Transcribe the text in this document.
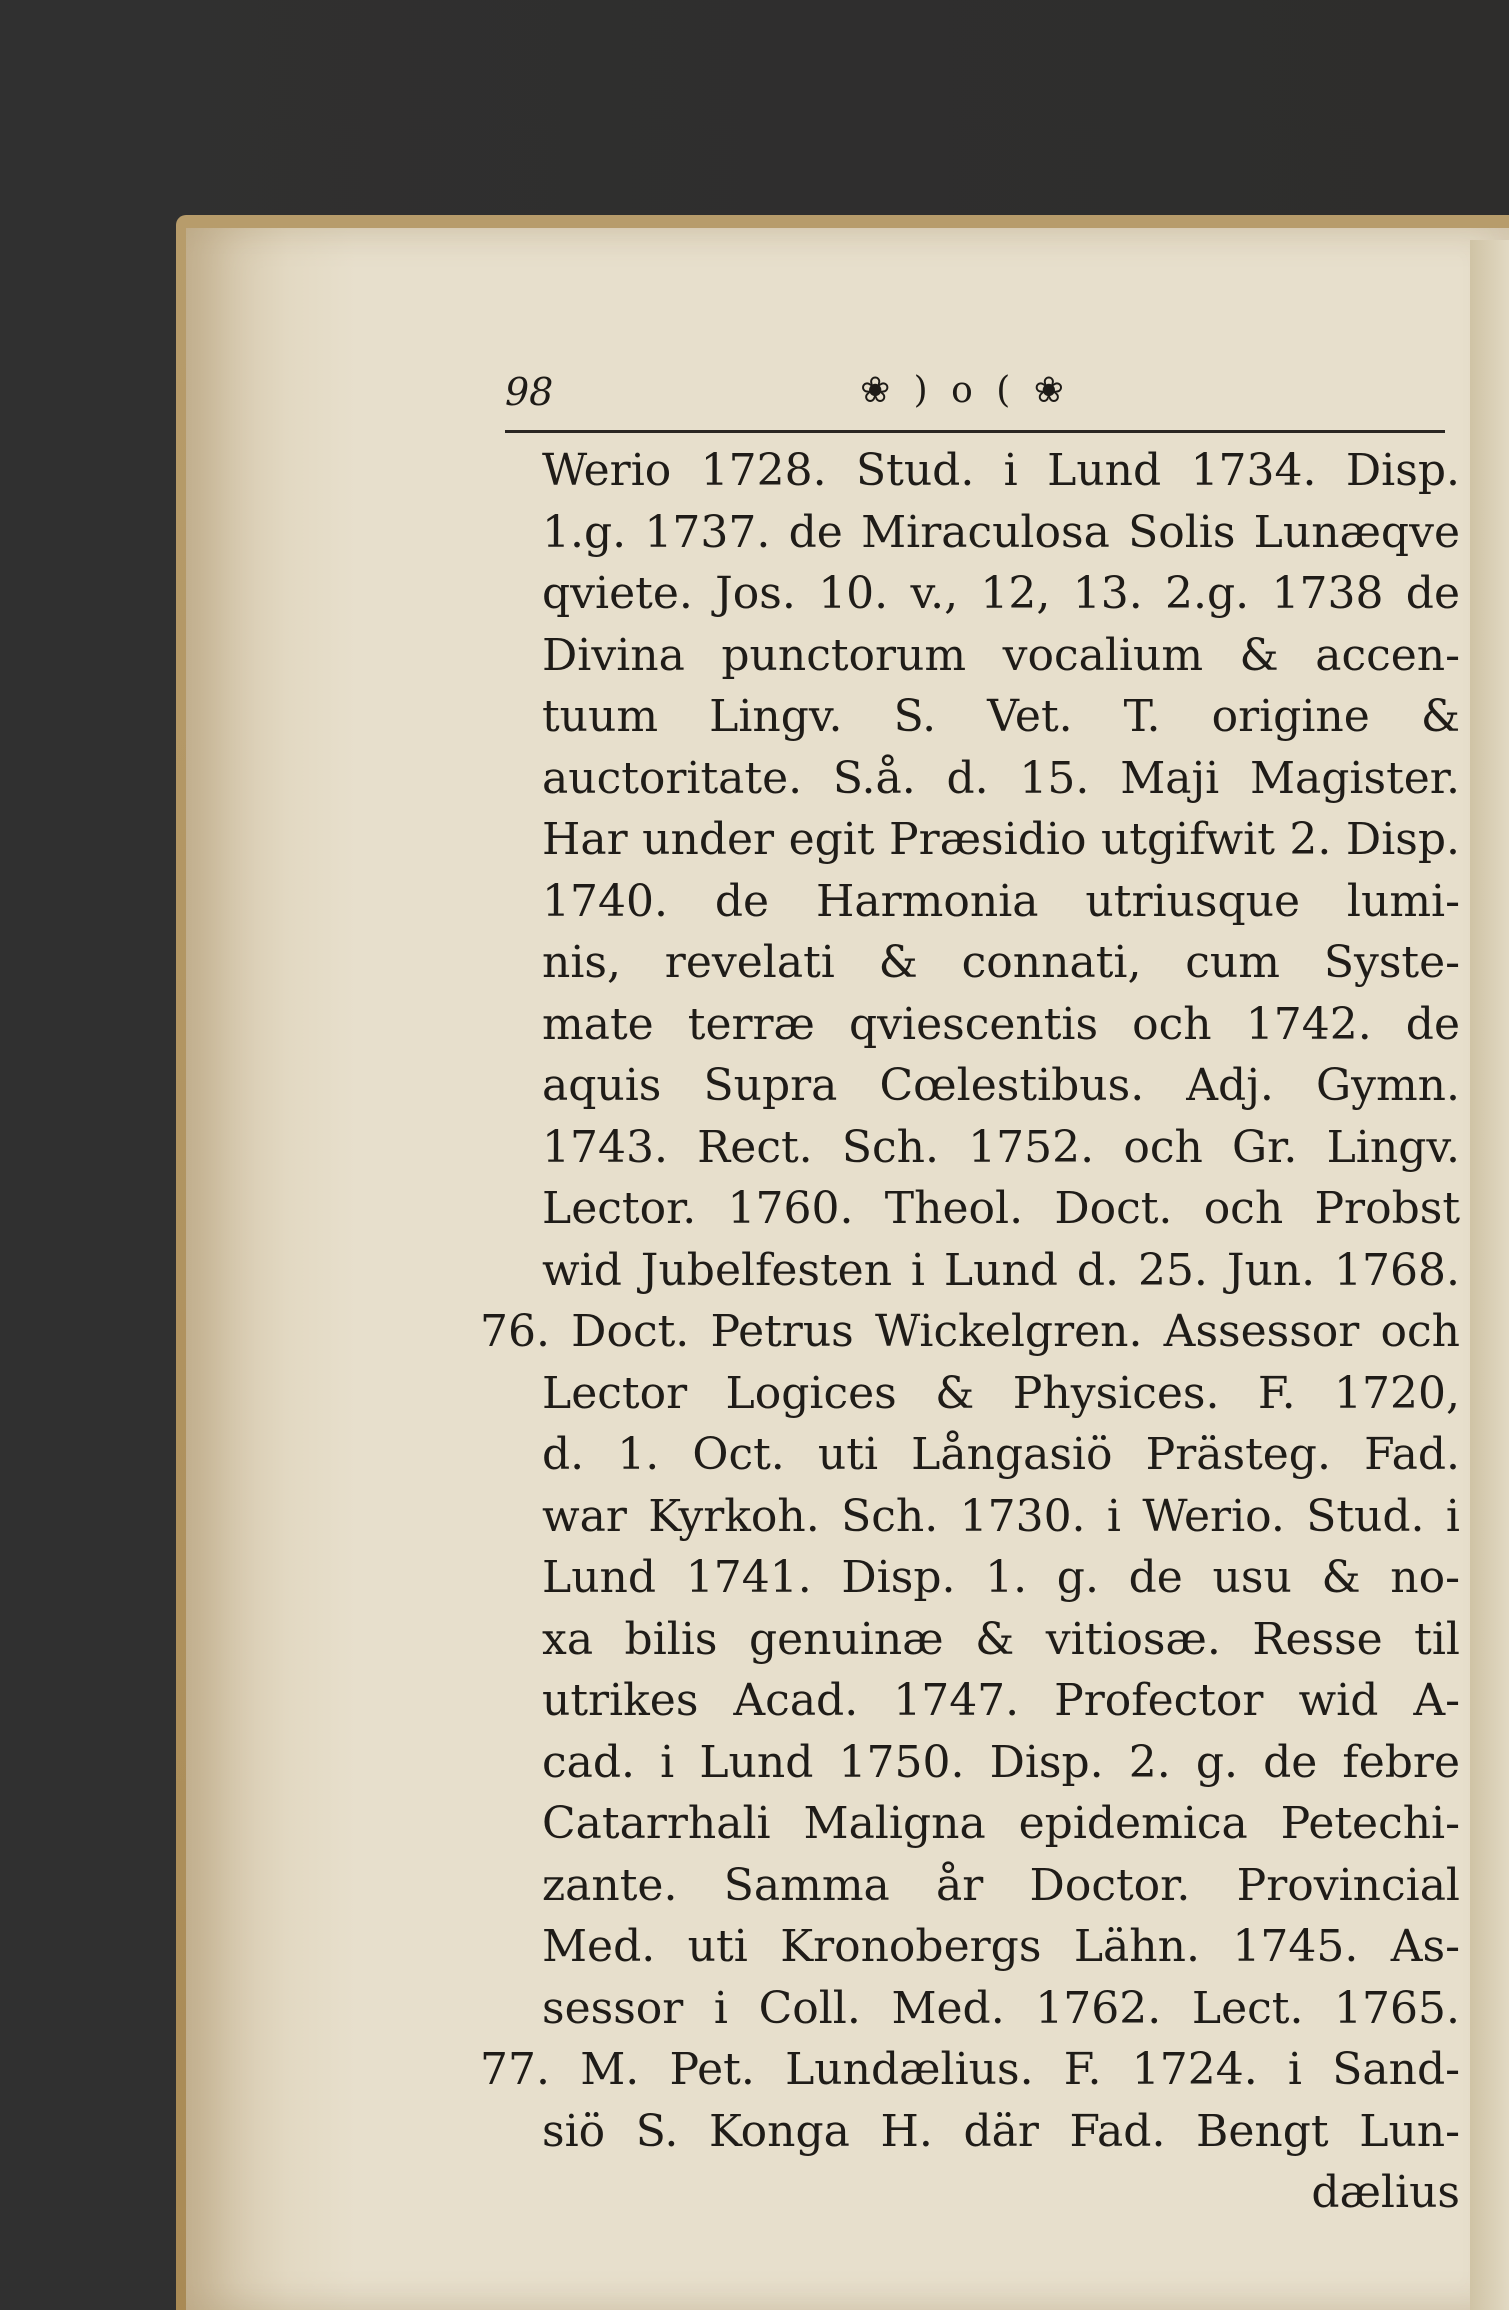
98	❀ ) o ( ❀
Werio 1728. Stud. i Lund 1734. Disp.
1.g. 1737. de Miraculosa Solis Lunæqve
qviete. Jos. 10. v., 12, 13. 2.g. 1738 de
Divina punctorum vocalium & accen-
tuum Lingv. S. Vet. T. origine &
auctoritate. S.å. d. 15. Maji Magister.
Har under egit Præsidio utgifwit 2. Disp.
1740. de Harmonia utriusque lumi-
nis, revelati & connati, cum Syste-
mate terræ qviescentis och 1742. de
aquis Supra Cœlestibus. Adj. Gymn.
1743. Rect. Sch. 1752. och Gr. Lingv.
Lector. 1760. Theol. Doct. och Probst
wid Jubelfesten i Lund d. 25. Jun. 1768.
76. Doct. Petrus Wickelgren. Assessor och
Lector Logices & Physices. F. 1720,
d. 1. Oct. uti Långasiö Prästeg. Fad.
war Kyrkoh. Sch. 1730. i Werio. Stud. i
Lund 1741. Disp. 1. g. de usu & no-
xa bilis genuinæ & vitiosæ. Resse til
utrikes Acad. 1747. Profector wid A-
cad. i Lund 1750. Disp. 2. g. de febre
Catarrhali Maligna epidemica Petechi-
zante. Samma år Doctor. Provincial
Med. uti Kronobergs Lähn. 1745. As-
sessor i Coll. Med. 1762. Lect. 1765.
77. M. Pet. Lundælius. F. 1724. i Sand-
siö S. Konga H. där Fad. Bengt Lun-
dælius
